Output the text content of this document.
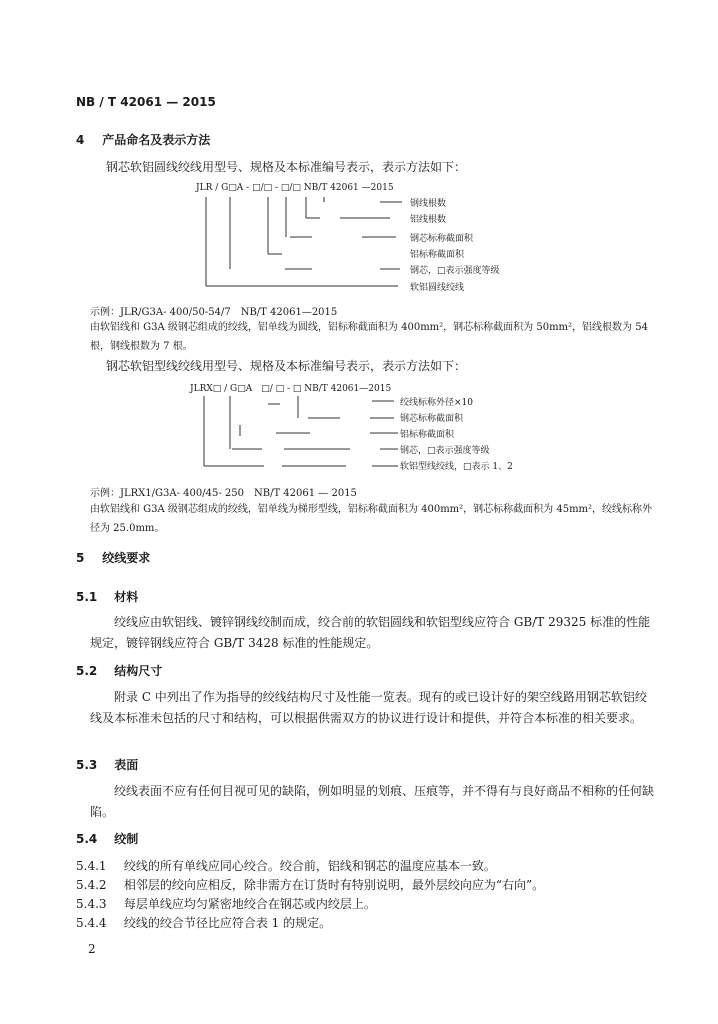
NB / T 42061 — 2015
4 产品命名及表示方法
钢芯软铝圆线绞线用型号、规格及本标准编号表示，表示方法如下：
JLR / G□A - □/□ - □/□ NB/T 42061 —2015
钢线根数
铝线根数
钢芯标称截面积
铝标称截面积
钢芯，□表示强度等级
软铝圆线绞线
示例：JLR/G3A- 400/50-54/7　NB/T 42061—2015
由软铝线和 G3A 级钢芯组成的绞线，铝单线为圆线，铝标称截面积为 400mm²，钢芯标称截面积为 50mm²，铝线根数为 54 根，钢线根数为 7 根。
钢芯软铝型线绞线用型号、规格及本标准编号表示，表示方法如下：
JLRX□ / G□A　□/ □ - □ NB/T 42061—2015
绞线标称外径×10
钢芯标称截面积
铝标称截面积
钢芯，□表示强度等级
软铝型线绞线，□表示 1、2
示例：JLRX1/G3A- 400/45- 250　NB/T 42061 — 2015
由软铝线和 G3A 级钢芯组成的绞线，铝单线为梯形型线，铝标称截面积为 400mm²，钢芯标称截面积为 45mm²，绞线标称外径为 25.0mm。
5 绞线要求
5.1 材料
绞线应由软铝线、镀锌钢线绞制而成，绞合前的软铝圆线和软铝型线应符合 GB/T 29325 标准的性能规定，镀锌钢线应符合 GB/T 3428 标准的性能规定。
5.2 结构尺寸
附录 C 中列出了作为指导的绞线结构尺寸及性能一览表。现有的或已设计好的架空线路用钢芯软铝绞线及本标准未包括的尺寸和结构，可以根据供需双方的协议进行设计和提供，并符合本标准的相关要求。
5.3 表面
绞线表面不应有任何目视可见的缺陷，例如明显的划痕、压痕等，并不得有与良好商品不相称的任何缺陷。
5.4 绞制
5.4.1 绞线的所有单线应同心绞合。绞合前，铝线和钢芯的温度应基本一致。
5.4.2 相邻层的绞向应相反，除非需方在订货时有特别说明，最外层绞向应为“右向”。
5.4.3 每层单线应均匀紧密地绞合在钢芯或内绞层上。
5.4.4 绞线的绞合节径比应符合表 1 的规定。
2
